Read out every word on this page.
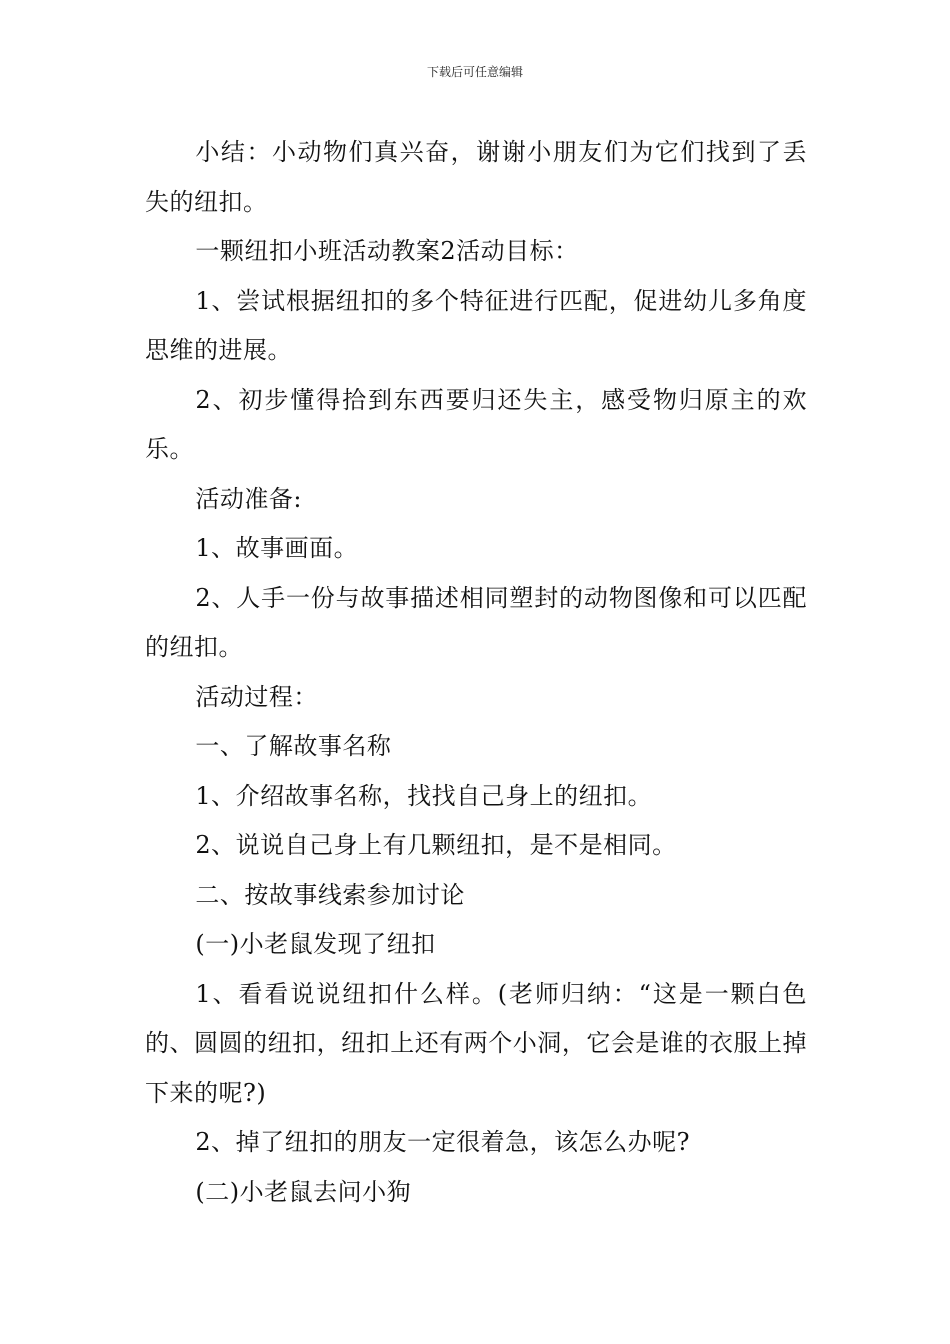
下载后可任意编辑

小结：小动物们真兴奋，谢谢小朋友们为它们找到了丢失的纽扣。

一颗纽扣小班活动教案2活动目标：

1、尝试根据纽扣的多个特征进行匹配，促进幼儿多角度思维的进展。

2、初步懂得拾到东西要归还失主，感受物归原主的欢乐。

活动准备:

1、故事画面。

2、人手一份与故事描述相同塑封的动物图像和可以匹配的纽扣。

活动过程：

一、了解故事名称

1、介绍故事名称，找找自己身上的纽扣。

2、说说自己身上有几颗纽扣，是不是相同。

二、按故事线索参加讨论

(一)小老鼠发现了纽扣

1、看看说说纽扣什么样。(老师归纳：“这是一颗白色的、圆圆的纽扣，纽扣上还有两个小洞，它会是谁的衣服上掉下来的呢?)

2、掉了纽扣的朋友一定很着急，该怎么办呢?

(二)小老鼠去问小狗
